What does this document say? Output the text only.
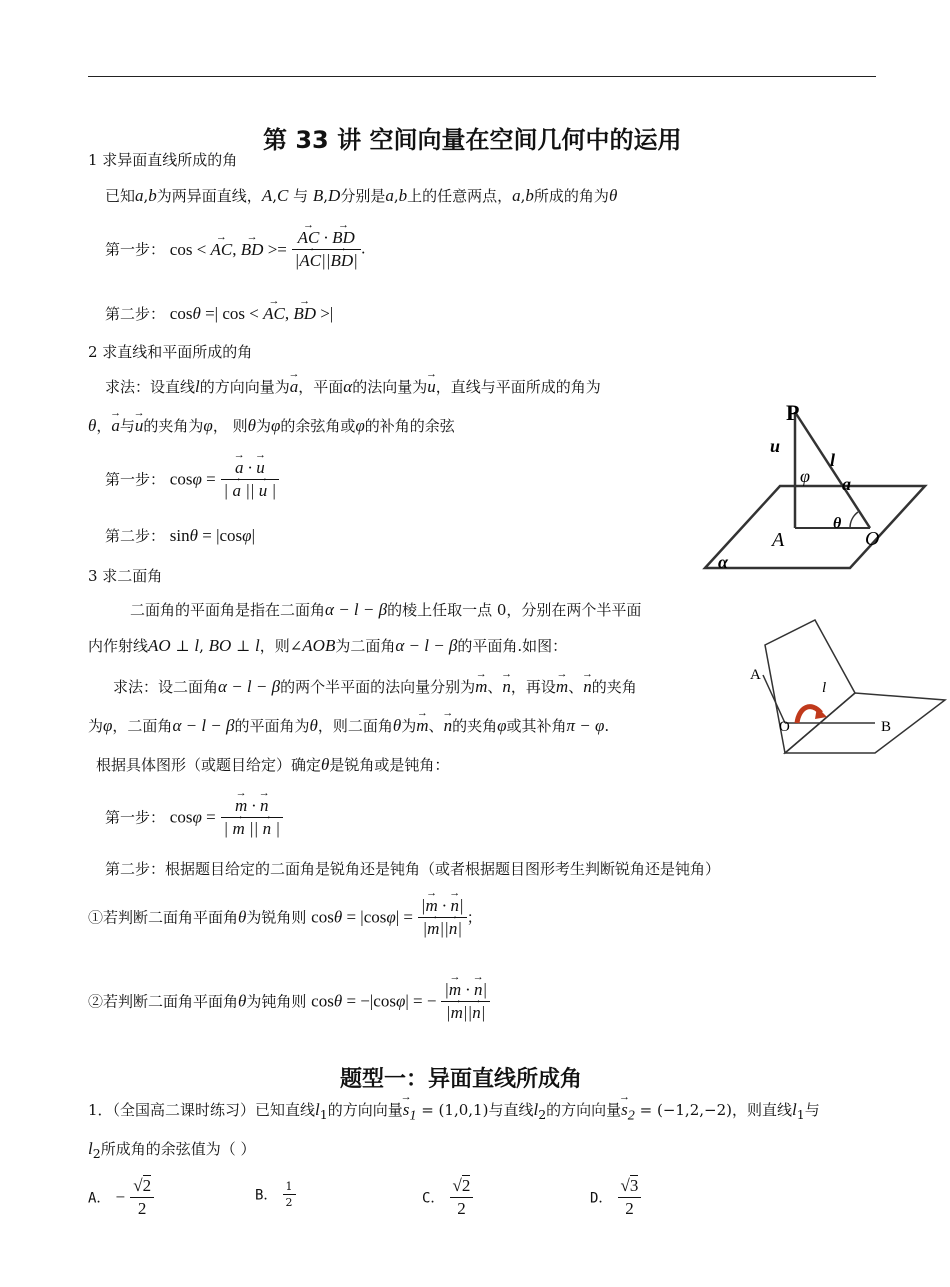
第 33 讲 空间向量在空间几何中的运用
1 求异面直线所成的角
已知a,b为两异面直线，A,C 与 B,D分别是a,b上的任意两点，a,b所成的角为θ
第一步： cos < → AC, → BD >= → $\frac{AC \cdot \to BD}{|\to AC||\to BD|}$ .
第二步： cosθ =| cos < → AC, → BD >|
2 求直线和平面所成的角
求法：设直线l的方向向量为→ a，平面α的法向量为→ u，直线与平面所成的角为
θ，→ a与→ u的夹角为φ， 则θ为φ的余弦角或φ的补角的余弦
第一步： cosφ = → $\frac{a \cdot \to u}{| \to a || \to u |}$
第二步： sinθ = |cosφ|
P
u
φ
l
a
θ
A	O
α
3 求二面角
二面角的平面角是指在二面角α − l − β的棱上任取一点 0，分别在两个半平面
内作射线AO ⊥ l, BO ⊥ l，则∠AOB为二面角α − l − β的平面角.如图：
求法：设二面角α − l − β的两个半平面的法向量分别为→ m、→ n，再设→ m、→ n的夹角
为φ，二面角α − l − β的平面角为θ，则二面角θ为→ m、→ n的夹角φ或其补角π − φ.
根据具体图形（或题目给定）确定θ是锐角或是钝角：
第一步： cosφ = → $\frac{m \cdot \to n}{| \to m || \to n |}$
第二步：根据题目给定的二面角是锐角还是钝角（或者根据题目图形考生判断锐角还是钝角）
①若判断二面角平面角θ为锐角则 $\cos\theta = |\cos\varphi| = \frac{|\to m \cdot \to n|}{|\to m||\to n|}$ ；
②若判断二面角平面角θ为钝角则 cosθ = −|cosφ| = − $\frac{|\to m \cdot \to n|}{|\to m||\to n|}$
A
l
O	B
题型一：异面直线所成角
1．（全国高二课时练习）已知直线$l_1$的方向向量→ $s_1 = (1,0,1)$与直线$l_2$的方向向量→ $s_2 = (-1,2,-2)$，则直线$l_1$与
$l_2$所成角的余弦值为（ ）
A． − $\frac{√2}{2}$	B． $\frac{1}{2}$	C． $\frac{√2}{2}$	D． $\frac{√3}{2}$
